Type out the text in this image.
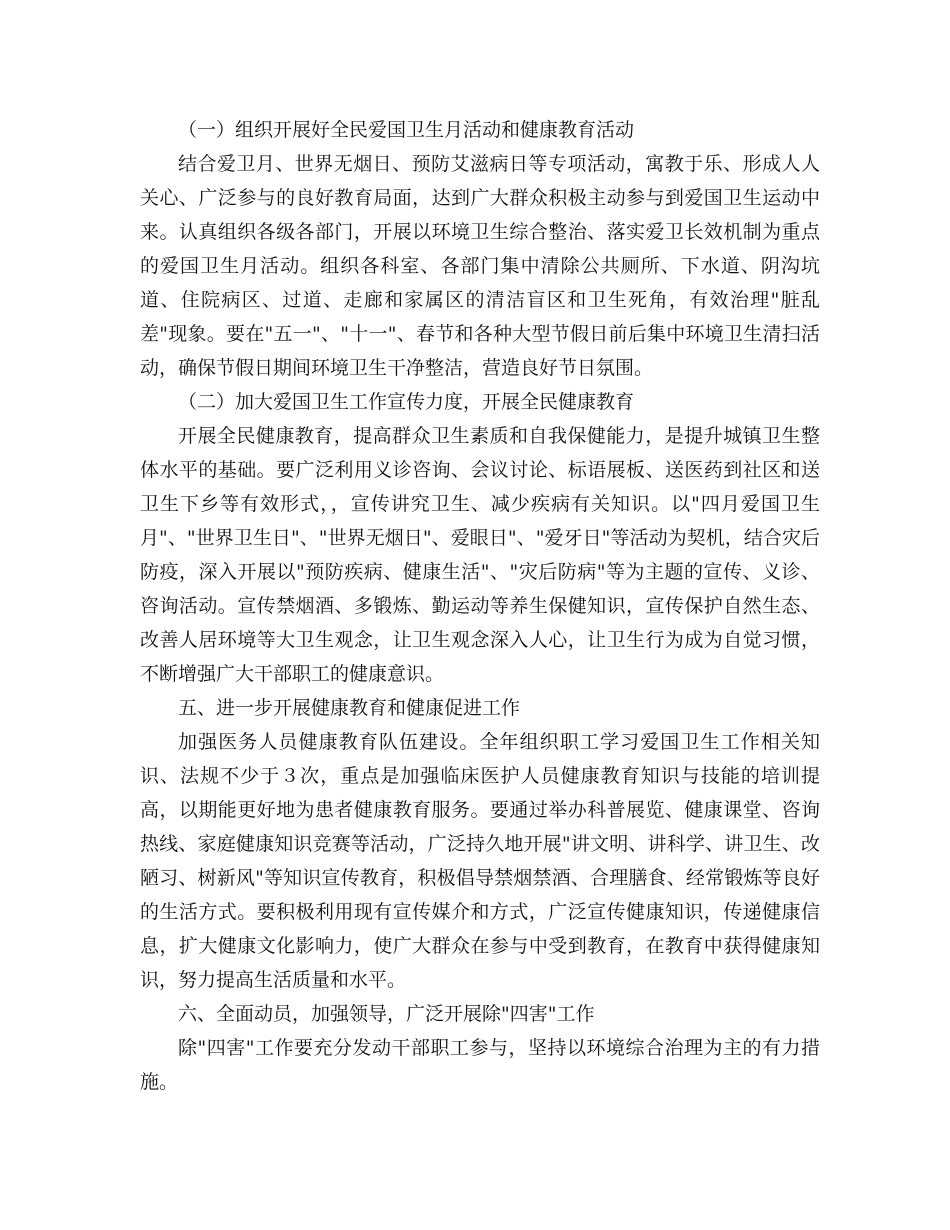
（一）组织开展好全民爱国卫生月活动和健康教育活动

结合爱卫月、世界无烟日、预防艾滋病日等专项活动，寓教于乐、形成人人关心、广泛参与的良好教育局面，达到广大群众积极主动参与到爱国卫生运动中来。认真组织各级各部门，开展以环境卫生综合整治、落实爱卫长效机制为重点的爱国卫生月活动。组织各科室、各部门集中清除公共厕所、下水道、阴沟坑道、住院病区、过道、走廊和家属区的清洁盲区和卫生死角，有效治理"脏乱差"现象。要在"五一"、"十一"、春节和各种大型节假日前后集中环境卫生清扫活动，确保节假日期间环境卫生干净整洁，营造良好节日氛围。

（二）加大爱国卫生工作宣传力度，开展全民健康教育

开展全民健康教育，提高群众卫生素质和自我保健能力，是提升城镇卫生整体水平的基础。要广泛利用义诊咨询、会议讨论、标语展板、送医药到社区和送卫生下乡等有效形式，，宣传讲究卫生、减少疾病有关知识。以"四月爱国卫生月"、"世界卫生日"、"世界无烟日"、爱眼日"、"爱牙日"等活动为契机，结合灾后防疫，深入开展以"预防疾病、健康生活"、"灾后防病"等为主题的宣传、义诊、咨询活动。宣传禁烟酒、多锻炼、勤运动等养生保健知识，宣传保护自然生态、改善人居环境等大卫生观念，让卫生观念深入人心，让卫生行为成为自觉习惯，不断增强广大干部职工的健康意识。

五、进一步开展健康教育和健康促进工作

加强医务人员健康教育队伍建设。全年组织职工学习爱国卫生工作相关知识、法规不少于３次，重点是加强临床医护人员健康教育知识与技能的培训提高，以期能更好地为患者健康教育服务。要通过举办科普展览、健康课堂、咨询热线、家庭健康知识竞赛等活动，广泛持久地开展"讲文明、讲科学、讲卫生、改陋习、树新风"等知识宣传教育，积极倡导禁烟禁酒、合理膳食、经常锻炼等良好的生活方式。要积极利用现有宣传媒介和方式，广泛宣传健康知识，传递健康信息，扩大健康文化影响力，使广大群众在参与中受到教育，在教育中获得健康知识，努力提高生活质量和水平。

六、全面动员，加强领导，广泛开展除"四害"工作

除"四害"工作要充分发动干部职工参与，坚持以环境综合治理为主的有力措施。
